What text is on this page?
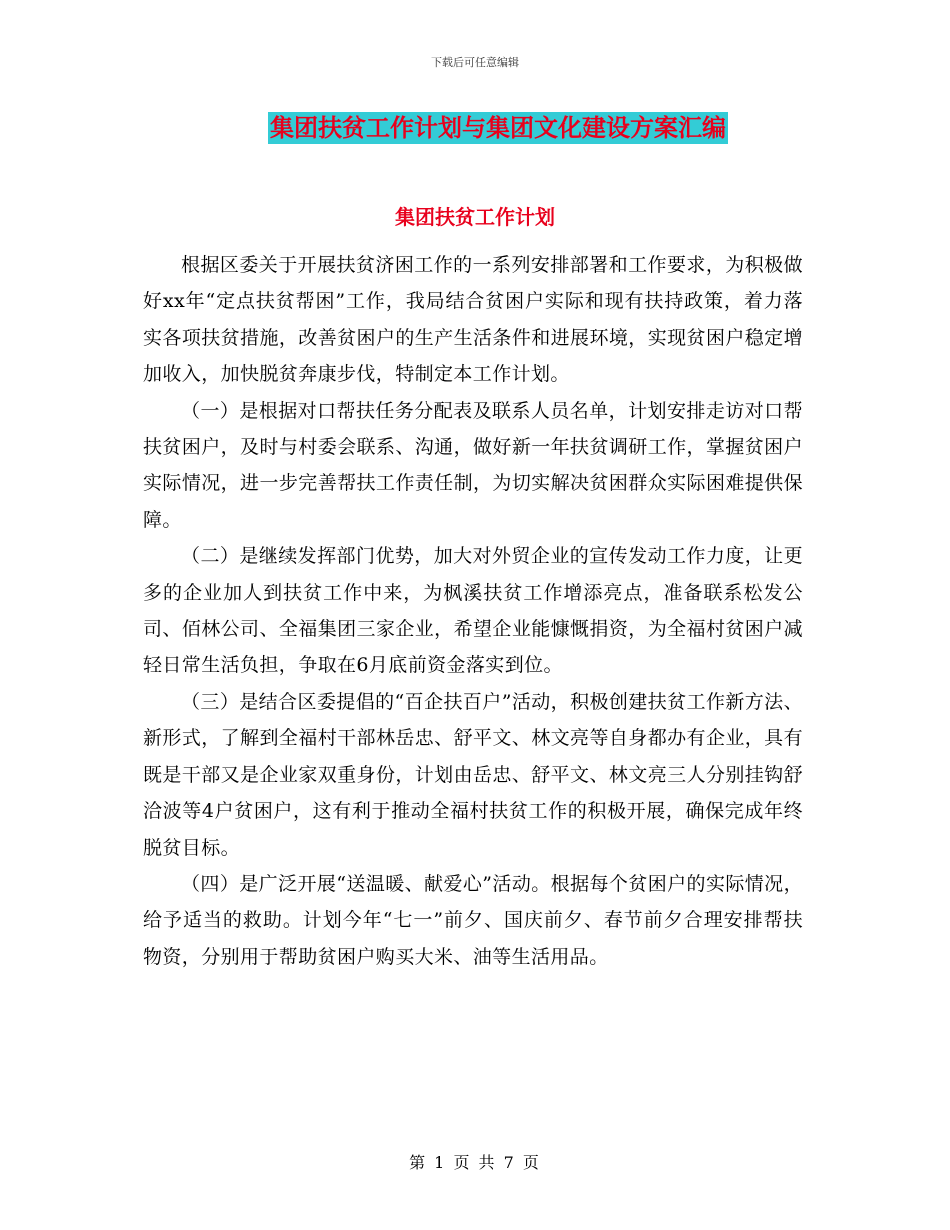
下载后可任意编辑
集团扶贫工作计划与集团文化建设方案汇编
集团扶贫工作计划

根据区委关于开展扶贫济困工作的一系列安排部署和工作要求，为积极做好xx年“定点扶贫帮困”工作，我局结合贫困户实际和现有扶持政策，着力落实各项扶贫措施，改善贫困户的生产生活条件和进展环境，实现贫困户稳定增加收入，加快脱贫奔康步伐，特制定本工作计划。

（一）是根据对口帮扶任务分配表及联系人员名单，计划安排走访对口帮扶贫困户，及时与村委会联系、沟通，做好新一年扶贫调研工作，掌握贫困户实际情况，进一步完善帮扶工作责任制，为切实解决贫困群众实际困难提供保障。

（二）是继续发挥部门优势，加大对外贸企业的宣传发动工作力度，让更多的企业加人到扶贫工作中来，为枫溪扶贫工作增添亮点，准备联系松发公司、佰林公司、全福集团三家企业，希望企业能慷慨捐资，为全福村贫困户减轻日常生活负担，争取在6月底前资金落实到位。

（三）是结合区委提倡的“百企扶百户”活动，积极创建扶贫工作新方法、新形式，了解到全福村干部林岳忠、舒平文、林文亮等自身都办有企业，具有既是干部又是企业家双重身份，计划由岳忠、舒平文、林文亮三人分别挂钩舒洽波等4户贫困户，这有利于推动全福村扶贫工作的积极开展，确保完成年终脱贫目标。

（四）是广泛开展“送温暖、献爱心”活动。根据每个贫困户的实际情况，给予适当的救助。计划今年“七一”前夕、国庆前夕、春节前夕合理安排帮扶物资，分别用于帮助贫困户购买大米、油等生活用品。

第 1 页 共 7 页
